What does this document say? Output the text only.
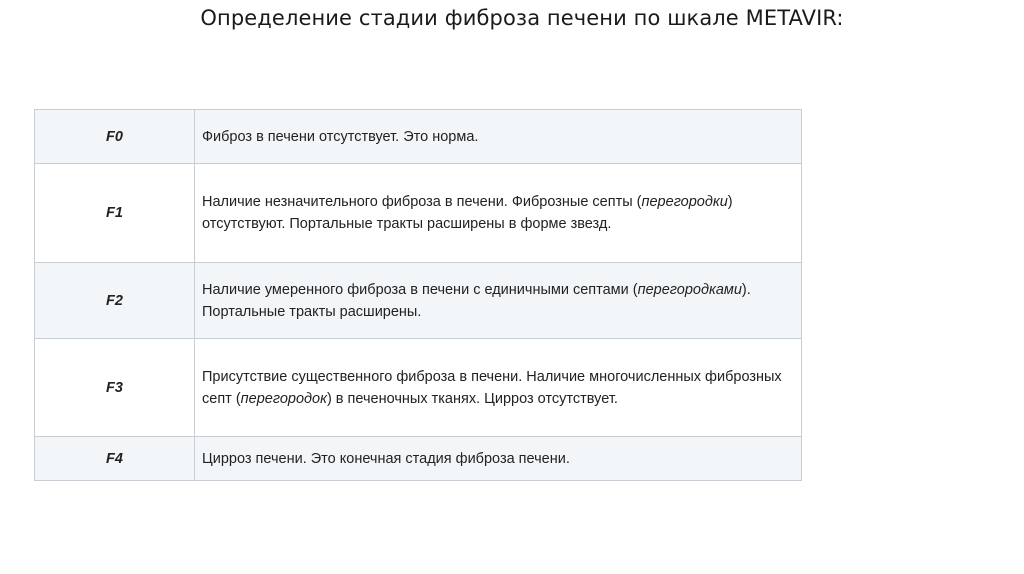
Определение стадии фиброза печени по шкале METAVIR:
F0	Фиброз в печени отсутствует. Это норма.
F1	Наличие незначительного фиброза в печени. Фиброзные септы (перегородки) отсутствуют. Портальные тракты расширены в форме звезд.
F2	Наличие умеренного фиброза в печени с единичными септами (перегородками). Портальные тракты расширены.
F3	Присутствие существенного фиброза в печени. Наличие многочисленных фиброзных септ (перегородок) в печеночных тканях. Цирроз отсутствует.
F4	Цирроз печени. Это конечная стадия фиброза печени.
